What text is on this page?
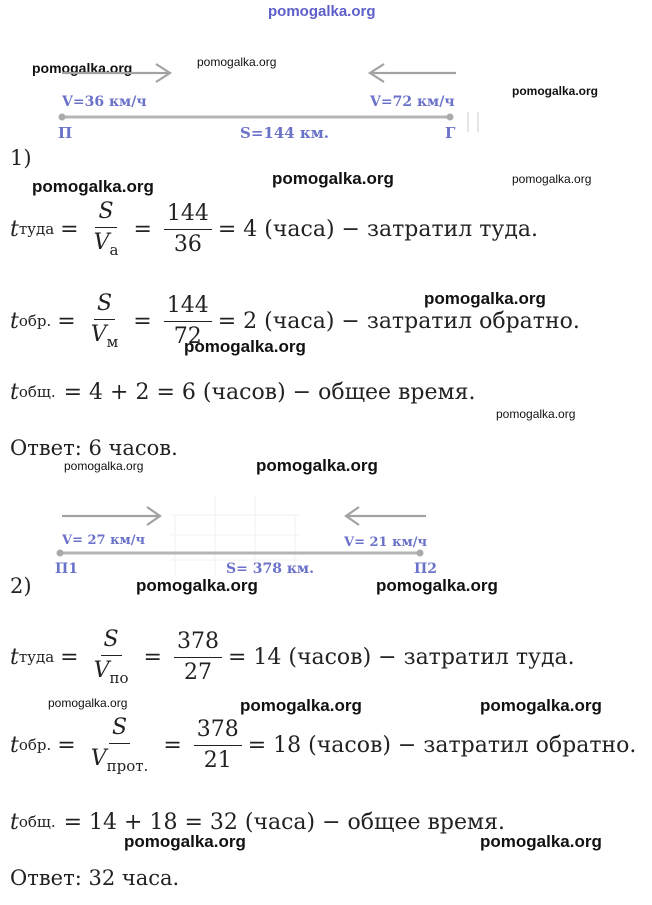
pomogalka.org
pomogalka.org	pomogalka.org
pomogalka.org
pomogalka.org	pomogalka.org	pomogalka.org
pomogalka.org
pomogalka.org
pomogalka.org
pomogalka.org	pomogalka.org
pomogalka.org	pomogalka.org
pomogalka.org	pomogalka.org	pomogalka.org
pomogalka.org	pomogalka.org
V=36 км/ч	V=72 км/ч
S=144 км.
П	Г
1)
t туда = $\frac{S}{V_а} = \frac{144}{36} = 4$ (часа) − затратил туда.
t обр. = $\frac{S}{V_м} = \frac{144}{72} = 2$ (часа) − затратил обратно.
t общ. = 4 + 2 = 6 (часов) − общее время.
Ответ: 6 часов.
V= 27 км/ч	V= 21 км/ч
S= 378 км.
П1	П2
2)
t туда = $\frac{S}{V_{по}} = \frac{378}{27} = 14$ (часов) − затратил туда.
t обр. = $\frac{S}{V_{прот.}} = \frac{378}{21} = 18$ (часов) − затратил обратно.
t общ. = 14 + 18 = 32 (часа) − общее время.
Ответ: 32 часа.
